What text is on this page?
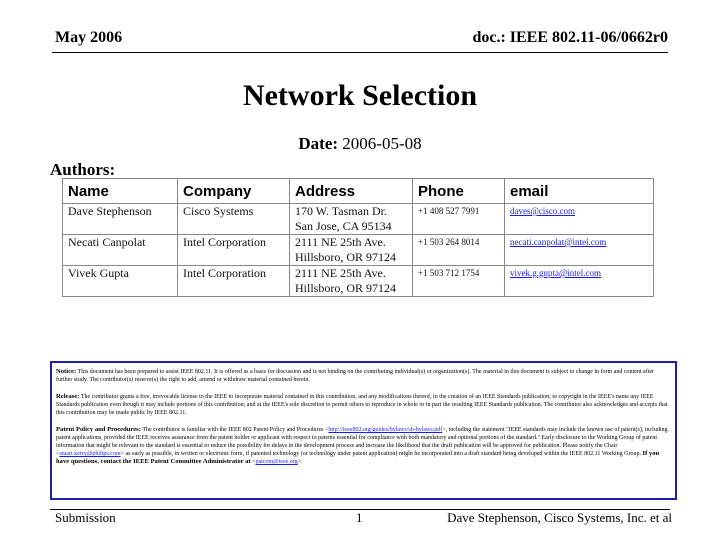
May 2006	doc.: IEEE 802.11-06/0662r0
Network Selection
Date: 2006-05-08
Authors:
Name	Company	Address	Phone	email
Dave Stephenson	Cisco Systems	170 W. Tasman Dr.
San Jose, CA 95134	+1 408 527 7991	daves@cisco.com
Necati Canpolat	Intel Corporation	2111 NE 25th Ave.
Hillsboro, OR 97124	+1 503 264 8014	necati.canpolat@intel.com
Vivek Gupta	Intel Corporation	2111 NE 25th Ave.
Hillsboro, OR 97124	+1 503 712 1754	vivek.g.gupta@intel.com

Notice: This document has been prepared to assist IEEE 802.11. It is offered as a basis for discussion and is not binding on the contributing individual(s) or organization(s). The material in this document is subject to change in form and content after further study. The contributor(s) reserve(s) the right to add, amend or withdraw material contained herein.

Release: The contributor grants a free, irrevocable license to the IEEE to incorporate material contained in this contribution, and any modifications thereof, in the creation of an IEEE Standards publication; to copyright in the IEEE's name any IEEE Standards publication even though it may include portions of this contribution; and at the IEEE's sole discretion to permit others to reproduce in whole or in part the resulting IEEE Standards publication. The contributor also acknowledges and accepts that this contribution may be made public by IEEE 802.11.

Patent Policy and Procedures: The contributor is familiar with the IEEE 802 Patent Policy and Procedures <http://ieee802.org/guides/bylaws/sb-bylaws.pdf>, including the statement "IEEE standards may include the known use of patent(s), including patent applications, provided the IEEE receives assurance from the patent holder or applicant with respect to patents essential for compliance with both mandatory and optional portions of the standard." Early disclosure to the Working Group of patent information that might be relevant to the standard is essential to reduce the possibility for delays in the development process and increase the likelihood that the draft publication will be approved for publication. Please notify the Chair <stuart.kerry@philips.com> as early as possible, in written or electronic form, if patented technology (or technology under patent application) might be incorporated into a draft standard being developed within the IEEE 802.11 Working Group. If you have questions, contact the IEEE Patent Committee Administrator at <patcom@ieee.org>.

Submission	1	Dave Stephenson, Cisco Systems, Inc. et al
